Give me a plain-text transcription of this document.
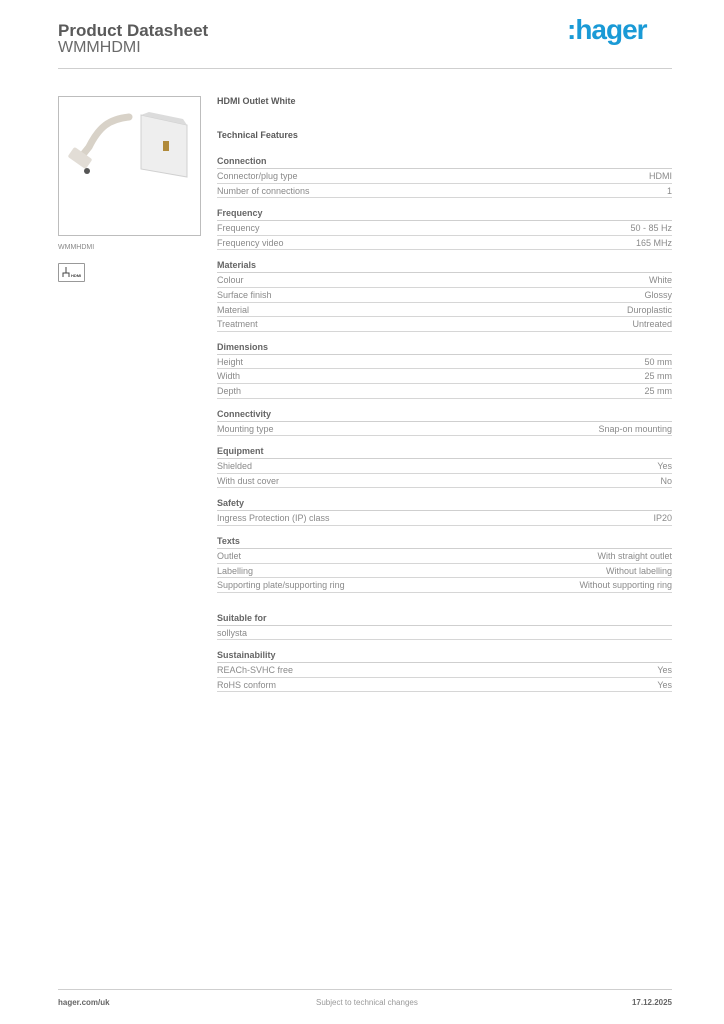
Product Datasheet
WMMHDMI
:hager
WMMHDMI
HDMI
HDMI Outlet White
Technical Features
Connection
Connector/plug type	HDMI
Number of connections	1
Frequency
Frequency	50 - 85 Hz
Frequency video	165 MHz
Materials
Colour	White
Surface finish	Glossy
Material	Duroplastic
Treatment	Untreated
Dimensions
Height	50 mm
Width	25 mm
Depth	25 mm
Connectivity
Mounting type	Snap-on mounting
Equipment
Shielded	Yes
With dust cover	No
Safety
Ingress Protection (IP) class	IP20
Texts
Outlet	With straight outlet
Labelling	Without labelling
Supporting plate/supporting ring	Without supporting ring
Suitable for
sollysta
Sustainability
REACh-SVHC free	Yes
RoHS conform	Yes
hager.com/uk	Subject to technical changes	17.12.2025
